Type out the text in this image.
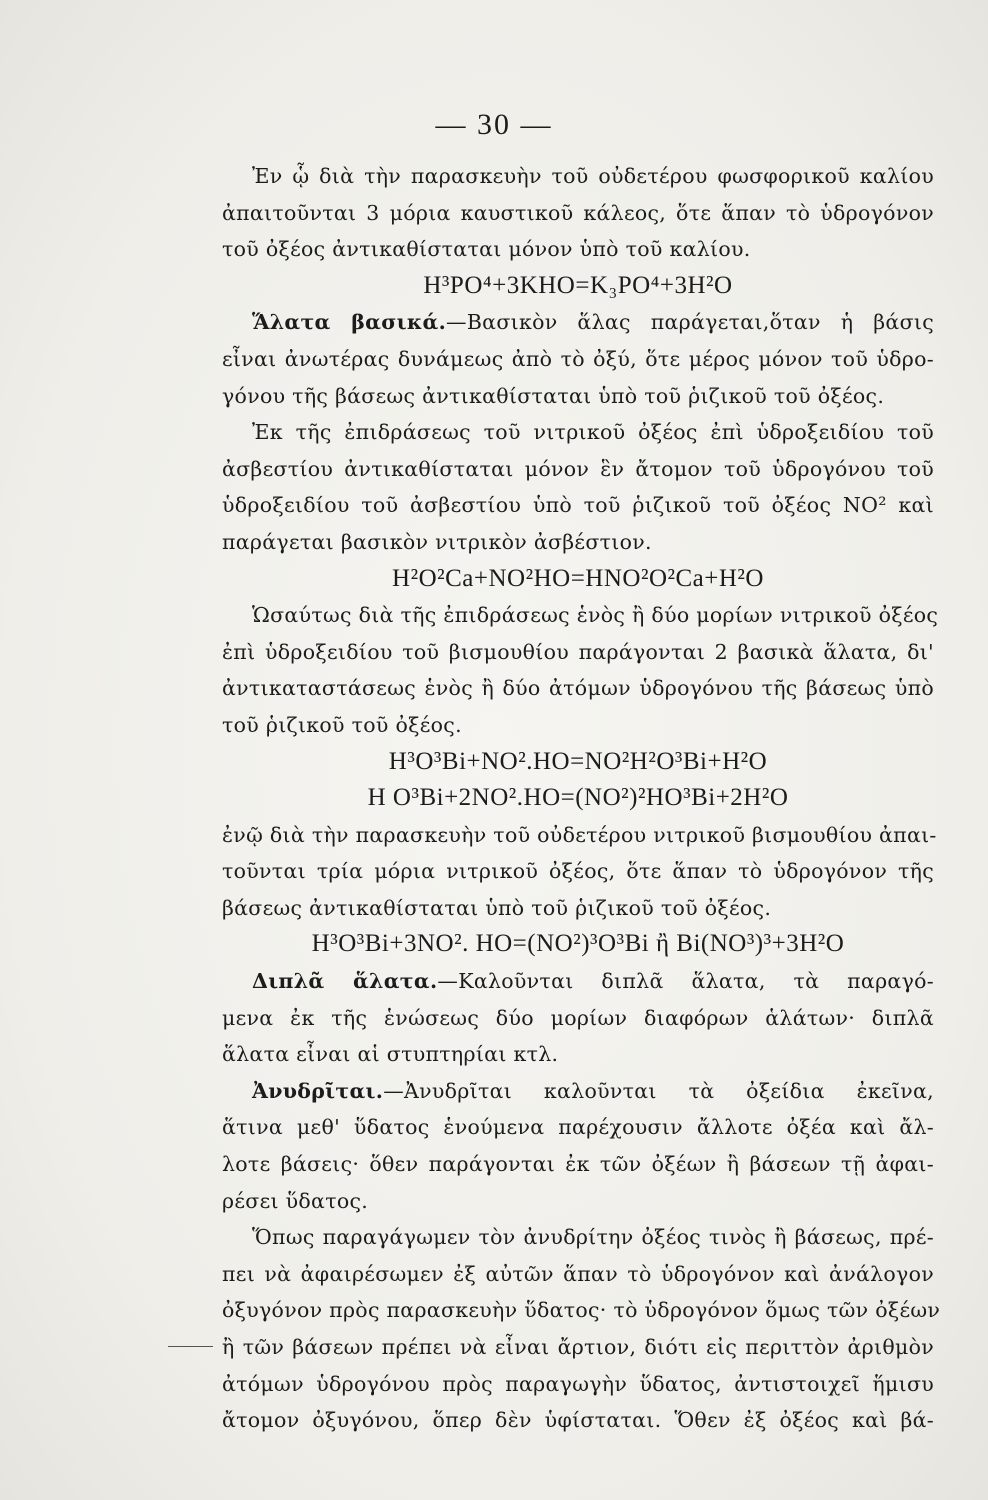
— 30 —
Ἐν ᾧ διὰ τὴν παρασκευὴν τοῦ οὐδετέρου φωσφορικοῦ καλίου
ἀπαιτοῦνται 3 μόρια καυστικοῦ κάλεος, ὅτε ἅπαν τὸ ὑδρογόνον
τοῦ ὀξέος ἀντικαθίσταται μόνον ὑπὸ τοῦ καλίου.
H³PO⁴+3KHO=K₃PO⁴+3H²O
Ἅλατα βασικά.—Βασικὸν ἅλας παράγεται,ὅταν ἡ βάσις
εἶναι ἀνωτέρας δυνάμεως ἀπὸ τὸ ὀξύ, ὅτε μέρος μόνον τοῦ ὑδρο-
γόνου τῆς βάσεως ἀντικαθίσταται ὑπὸ τοῦ ῥιζικοῦ τοῦ ὀξέος.
Ἐκ τῆς ἐπιδράσεως τοῦ νιτρικοῦ ὀξέος ἐπὶ ὑδροξειδίου τοῦ
ἀσβεστίου ἀντικαθίσταται μόνον ἓν ἄτομον τοῦ ὑδρογόνου τοῦ
ὑδροξειδίου τοῦ ἀσβεστίου ὑπὸ τοῦ ῥιζικοῦ τοῦ ὀξέος NO² καὶ
παράγεται βασικὸν νιτρικὸν ἀσβέστιον.
H²O²Ca+NO²HO=HNO²O²Ca+H²O
Ὡσαύτως διὰ τῆς ἐπιδράσεως ἑνὸς ἢ δύο μορίων νιτρικοῦ ὀξέος
ἐπὶ ὑδροξειδίου τοῦ βισμουθίου παράγονται 2 βασικὰ ἅλατα, δι'
ἀντικαταστάσεως ἑνὸς ἢ δύο ἀτόμων ὑδρογόνου τῆς βάσεως ὑπὸ
τοῦ ῥιζικοῦ τοῦ ὀξέος.
H³O³Bi+NO².HO=NO²H²O³Bi+H²O
H O³Bi+2NO².HO=(NO²)²HO³Bi+2H²O
ἐνῷ διὰ τὴν παρασκευὴν τοῦ οὐδετέρου νιτρικοῦ βισμουθίου ἀπαι-
τοῦνται τρία μόρια νιτρικοῦ ὀξέος, ὅτε ἅπαν τὸ ὑδρογόνον τῆς
βάσεως ἀντικαθίσταται ὑπὸ τοῦ ῥιζικοῦ τοῦ ὀξέος.
H³O³Bi+3NO². HO=(NO²)³O³Bi ἢ Bi(NO³)³+3H²O
Διπλᾶ ἅλατα.—Καλοῦνται διπλᾶ ἅλατα, τὰ παραγό-
μενα ἐκ τῆς ἑνώσεως δύο μορίων διαφόρων ἁλάτων· διπλᾶ
ἅλατα εἶναι αἱ στυπτηρίαι κτλ.
Ἀνυδρῖται.—Ἀνυδρῖται καλοῦνται τὰ ὀξείδια ἐκεῖνα,
ἅτινα μεθ' ὕδατος ἑνούμενα παρέχουσιν ἄλλοτε ὀξέα καὶ ἄλ-
λοτε βάσεις· ὅθεν παράγονται ἐκ τῶν ὀξέων ἢ βάσεων τῇ ἀφαι-
ρέσει ὕδατος.
Ὅπως παραγάγωμεν τὸν ἀνυδρίτην ὀξέος τινὸς ἢ βάσεως, πρέ-
πει νὰ ἀφαιρέσωμεν ἐξ αὐτῶν ἅπαν τὸ ὑδρογόνον καὶ ἀνάλογον
ὀξυγόνον πρὸς παρασκευὴν ὕδατος· τὸ ὑδρογόνον ὅμως τῶν ὀξέων
ἢ τῶν βάσεων πρέπει νὰ εἶναι ἄρτιον, διότι εἰς περιττὸν ἀριθμὸν
ἀτόμων ὑδρογόνου πρὸς παραγωγὴν ὕδατος, ἀντιστοιχεῖ ἥμισυ
ἄτομον ὀξυγόνου, ὅπερ δὲν ὑφίσταται. Ὅθεν ἐξ ὀξέος καὶ βά-
